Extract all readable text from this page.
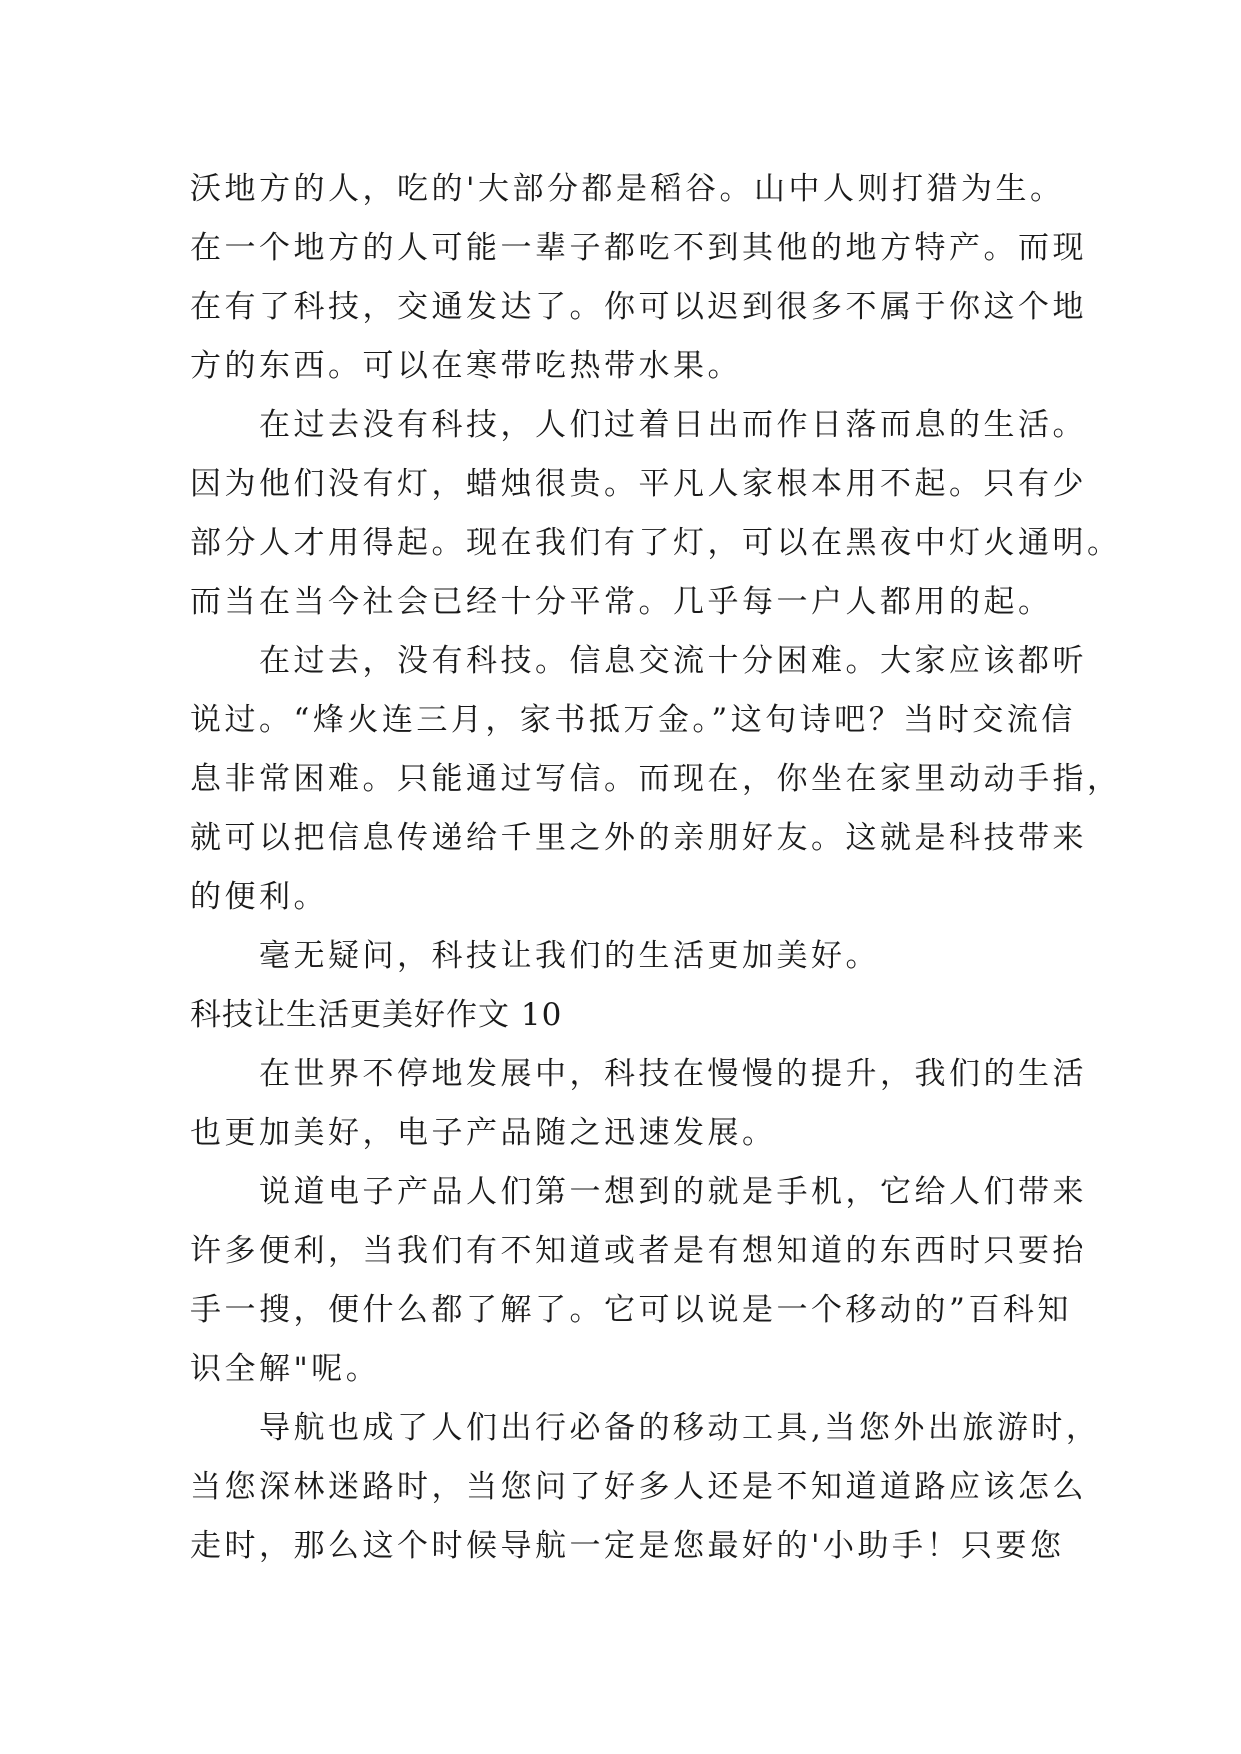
沃地方的人，吃的'大部分都是稻谷。山中人则打猎为生。
在一个地方的人可能一辈子都吃不到其他的地方特产。而现
在有了科技，交通发达了。你可以迟到很多不属于你这个地
方的东西。可以在寒带吃热带水果。
　　在过去没有科技，人们过着日出而作日落而息的生活。
因为他们没有灯，蜡烛很贵。平凡人家根本用不起。只有少
部分人才用得起。现在我们有了灯，可以在黑夜中灯火通明。
而当在当今社会已经十分平常。几乎每一户人都用的起。
　　在过去，没有科技。信息交流十分困难。大家应该都听
说过。“烽火连三月，家书抵万金。”这句诗吧？当时交流信
息非常困难。只能通过写信。而现在，你坐在家里动动手指，
就可以把信息传递给千里之外的亲朋好友。这就是科技带来
的便利。
　　毫无疑问，科技让我们的生活更加美好。
科技让生活更美好作文 10
　　在世界不停地发展中，科技在慢慢的提升，我们的生活
也更加美好，电子产品随之迅速发展。
　　说道电子产品人们第一想到的就是手机，它给人们带来
许多便利，当我们有不知道或者是有想知道的东西时只要抬
手一搜，便什么都了解了。它可以说是一个移动的”百科知
识全解"呢。
　　导航也成了人们出行必备的移动工具,当您外出旅游时，
当您深林迷路时，当您问了好多人还是不知道道路应该怎么
走时，那么这个时候导航一定是您最好的'小助手！只要您
